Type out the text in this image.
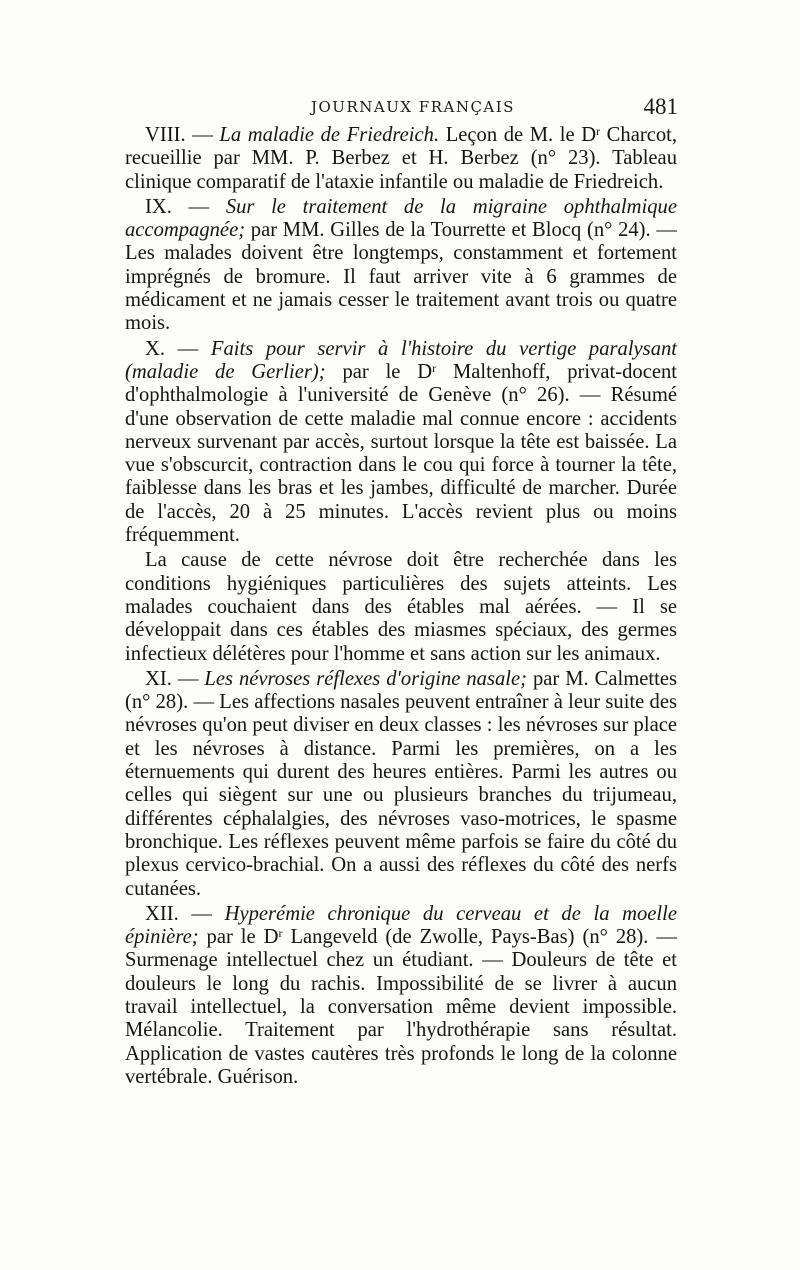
JOURNAUX FRANÇAIS	481

VIII. — La maladie de Friedreich. Leçon de M. le $D^r$ Charcot, recueillie par MM. P. Berbez et H. Berbez (n° 23). Tableau clinique comparatif de l'ataxie infantile ou maladie de Friedreich.

IX. — Sur le traitement de la migraine ophthalmique accompagnée; par MM. Gilles de la Tourrette et Blocq (n° 24). — Les malades doivent être longtemps, constamment et fortement imprégnés de bromure. Il faut arriver vite à 6 grammes de médicament et ne jamais cesser le traitement avant trois ou quatre mois.

X. — Faits pour servir à l'histoire du vertige paralysant (maladie de Gerlier); par le $D^r$ Maltenhoff, privat-docent d'ophthalmologie à l'université de Genève (n° 26). — Résumé d'une observation de cette maladie mal connue encore : accidents nerveux survenant par accès, surtout lorsque la tête est baissée. La vue s'obscurcit, contraction dans le cou qui force à tourner la tête, faiblesse dans les bras et les jambes, difficulté de marcher. Durée de l'accès, 20 à 25 minutes. L'accès revient plus ou moins fréquemment.

La cause de cette névrose doit être recherchée dans les conditions hygiéniques particulières des sujets atteints. Les malades couchaient dans des étables mal aérées. — Il se développait dans ces étables des miasmes spéciaux, des germes infectieux délétères pour l'homme et sans action sur les animaux.

XI. — Les névroses réflexes d'origine nasale; par M. Calmettes (n° 28). — Les affections nasales peuvent entraîner à leur suite des névroses qu'on peut diviser en deux classes : les névroses sur place et les névroses à distance. Parmi les premières, on a les éternuements qui durent des heures entières. Parmi les autres ou celles qui siègent sur une ou plusieurs branches du trijumeau, différentes céphalalgies, des névroses vaso-motrices, le spasme bronchique. Les réflexes peuvent même parfois se faire du côté du plexus cervico-brachial. On a aussi des réflexes du côté des nerfs cutanées.

XII. — Hyperémie chronique du cerveau et de la moelle épinière; par le $D^r$ Langeveld (de Zwolle, Pays-Bas) (n° 28). — Surmenage intellectuel chez un étudiant. — Douleurs de tête et douleurs le long du rachis. Impossibilité de se livrer à aucun travail intellectuel, la conversation même devient impossible. Mélancolie. Traitement par l'hydrothérapie sans résultat. Application de vastes cautères très profonds le long de la colonne vertébrale. Guérison.
